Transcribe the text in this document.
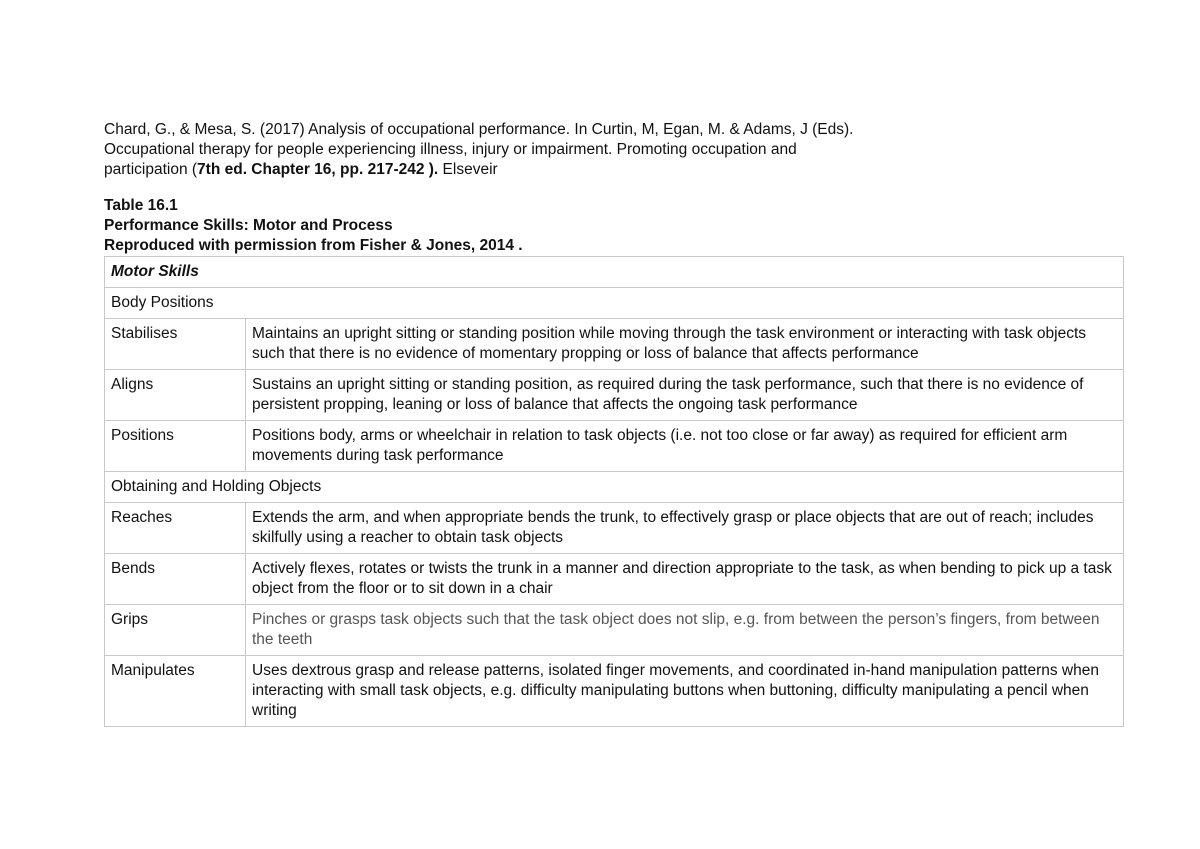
Chard, G., & Mesa, S. (2017) Analysis of occupational performance. In Curtin, M, Egan, M. & Adams, J (Eds).
Occupational therapy for people experiencing illness, injury or impairment. Promoting occupation and
participation (7th ed. Chapter 16, pp. 217-242 ). Elseveir
Table 16.1
Performance Skills: Motor and Process
Reproduced with permission from Fisher & Jones, 2014 .
Motor Skills	
Body Positions	
Stabilises	Maintains an upright sitting or standing position while moving through the task environment or interacting with task objects such that there is no evidence of momentary propping or loss of balance that affects performance
Aligns	Sustains an upright sitting or standing position, as required during the task performance, such that there is no evidence of persistent propping, leaning or loss of balance that affects the ongoing task performance
Positions	Positions body, arms or wheelchair in relation to task objects (i.e. not too close or far away) as required for efficient arm movements during task performance
Obtaining and Holding Objects	
Reaches	Extends the arm, and when appropriate bends the trunk, to effectively grasp or place objects that are out of reach; includes skilfully using a reacher to obtain task objects
Bends	Actively flexes, rotates or twists the trunk in a manner and direction appropriate to the task, as when bending to pick up a task object from the floor or to sit down in a chair
Grips	Pinches or grasps task objects such that the task object does not slip, e.g. from between the person’s fingers, from between the teeth
Manipulates	Uses dextrous grasp and release patterns, isolated finger movements, and coordinated in-hand manipulation patterns when interacting with small task objects, e.g. difficulty manipulating buttons when buttoning, difficulty manipulating a pencil when writing
